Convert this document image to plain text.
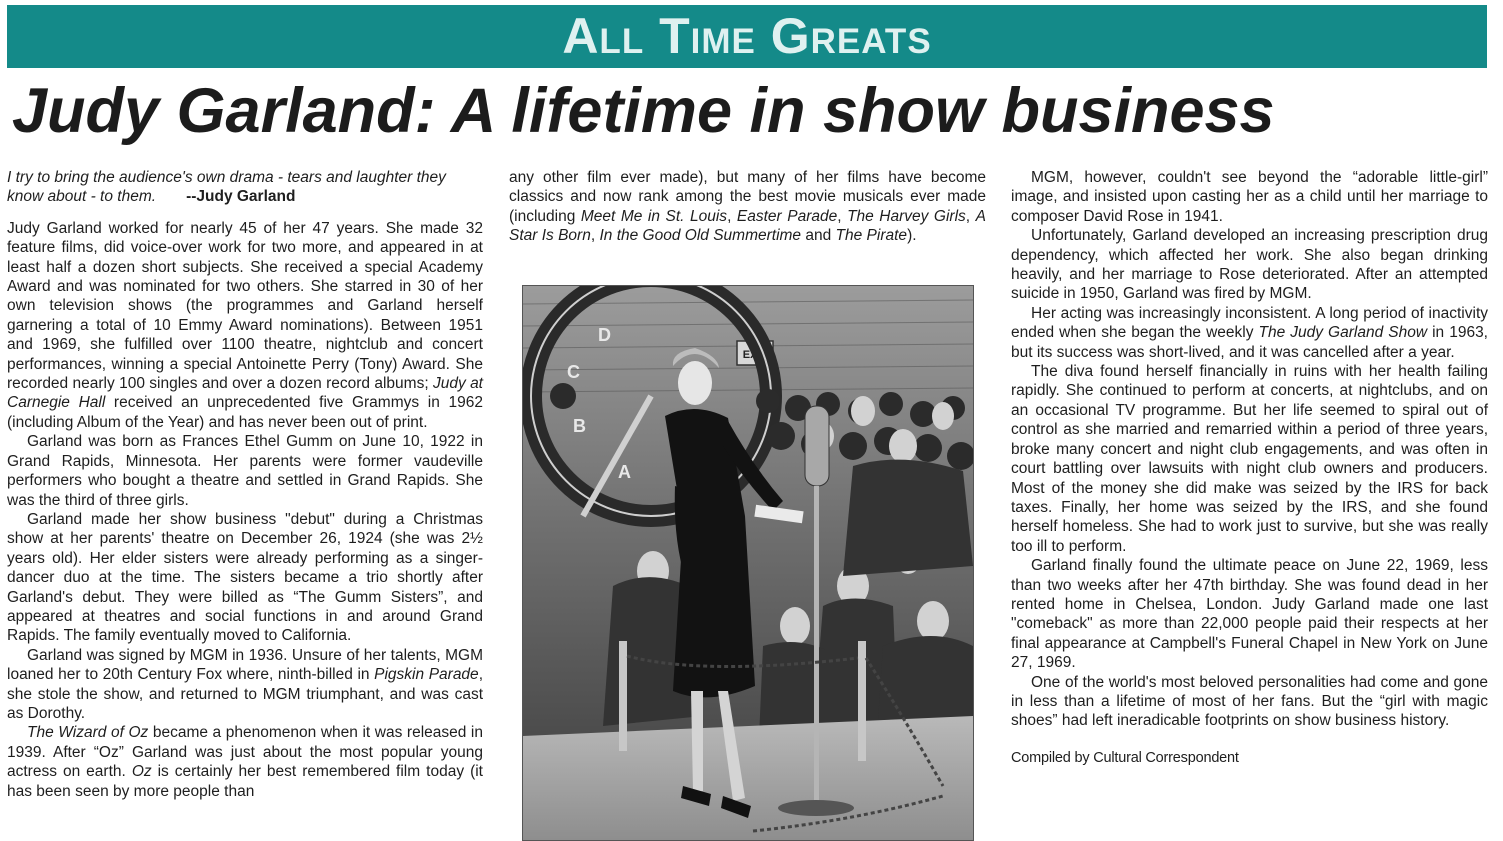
All Time Greats
Judy Garland: A lifetime in show business

I try to bring the audience's own drama - tears and laughter they know about - to them. --Judy Garland

Judy Garland worked for nearly 45 of her 47 years. She made 32 feature films, did voice-over work for two more, and appeared in at least half a dozen short subjects. She received a special Academy Award and was nominated for two others. She starred in 30 of her own television shows (the programmes and Garland herself garnering a total of 10 Emmy Award nominations). Between 1951 and 1969, she fulfilled over 1100 theatre, nightclub and concert performances, winning a special Antoinette Perry (Tony) Award. She recorded nearly 100 singles and over a dozen record albums; Judy at Carnegie Hall received an unprecedented five Grammys in 1962 (including Album of the Year) and has never been out of print.

Garland was born as Frances Ethel Gumm on June 10, 1922 in Grand Rapids, Minnesota. Her parents were former vaudeville performers who bought a theatre and settled in Grand Rapids. She was the third of three girls.

Garland made her show business "debut" during a Christmas show at her parents' theatre on December 26, 1924 (she was 2½ years old). Her elder sisters were already performing as a singer-dancer duo at the time. The sisters became a trio shortly after Garland's debut. They were billed as “The Gumm Sisters”, and appeared at theatres and social functions in and around Grand Rapids. The family eventually moved to California.

Garland was signed by MGM in 1936. Unsure of her talents, MGM loaned her to 20th Century Fox where, ninth-billed in Pigskin Parade, she stole the show, and returned to MGM triumphant, and was cast as Dorothy.

The Wizard of Oz became a phenomenon when it was released in 1939. After “Oz” Garland was just about the most popular young actress on earth. Oz is certainly her best remembered film today (it has been seen by more people than

any other film ever made), but many of her films have become classics and now rank among the best movie musicals ever made (including Meet Me in St. Louis, Easter Parade, The Harvey Girls, A Star Is Born, In the Good Old Summertime and The Pirate).

EXIT
D
C
B
A

MGM, however, couldn't see beyond the “adorable little-girl” image, and insisted upon casting her as a child until her marriage to composer David Rose in 1941.

Unfortunately, Garland developed an increasing prescription drug dependency, which affected her work. She also began drinking heavily, and her marriage to Rose deteriorated. After an attempted suicide in 1950, Garland was fired by MGM.

Her acting was increasingly inconsistent. A long period of inactivity ended when she began the weekly The Judy Garland Show in 1963, but its success was short-lived, and it was cancelled after a year.

The diva found herself financially in ruins with her health failing rapidly. She continued to perform at concerts, at nightclubs, and on an occasional TV programme. But her life seemed to spiral out of control as she married and remarried within a period of three years, broke many concert and night club engagements, and was often in court battling over lawsuits with night club owners and producers. Most of the money she did make was seized by the IRS for back taxes. Finally, her home was seized by the IRS, and she found herself homeless. She had to work just to survive, but she was really too ill to perform.

Garland finally found the ultimate peace on June 22, 1969, less than two weeks after her 47th birthday. She was found dead in her rented home in Chelsea, London. Judy Garland made one last "comeback" as more than 22,000 people paid their respects at her final appearance at Campbell's Funeral Chapel in New York on June 27, 1969.

One of the world's most beloved personalities had come and gone in less than a lifetime of most of her fans. But the “girl with magic shoes” had left ineradicable footprints on show business history.

Compiled by Cultural Correspondent
